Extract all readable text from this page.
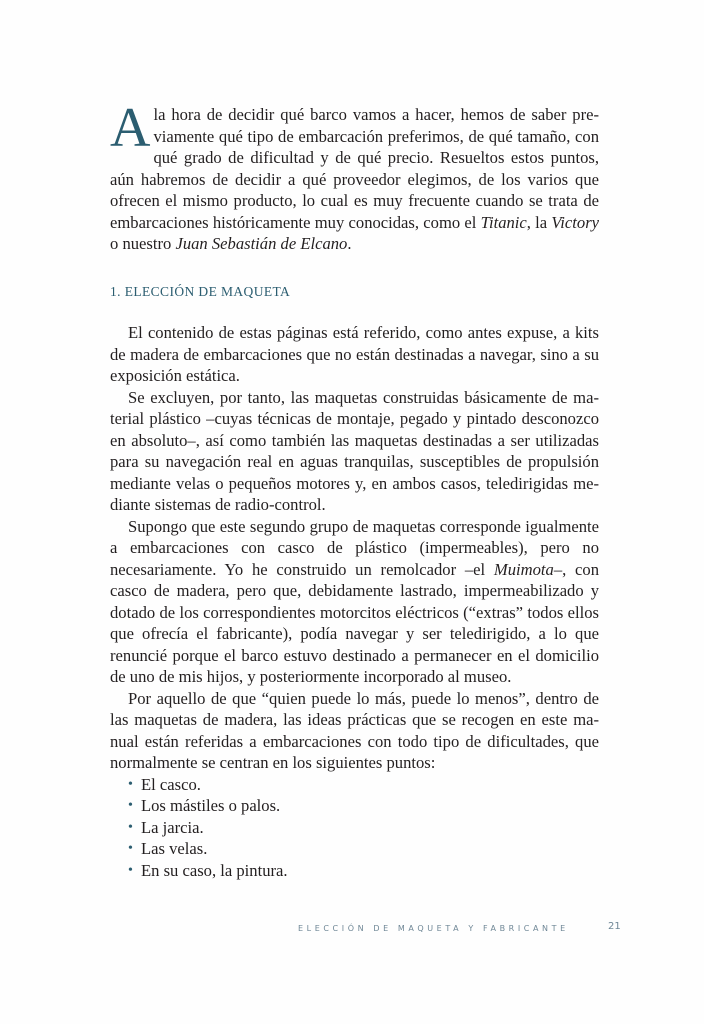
A la hora de decidir qué barco vamos a hacer, hemos de saber previamente qué tipo de embarcación preferimos, de qué tamaño, con qué grado de dificultad y de qué precio. Resueltos estos puntos, aún habremos de decidir a qué proveedor elegimos, de los varios que ofrecen el mismo producto, lo cual es muy frecuente cuando se trata de embarcaciones históricamente muy conocidas, como el Titanic, la Victory o nuestro Juan Sebastián de Elcano.

1. ELECCIÓN DE MAQUETA

El contenido de estas páginas está referido, como antes expuse, a kits de madera de embarcaciones que no están destinadas a navegar, sino a su exposición estática.

Se excluyen, por tanto, las maquetas construidas básicamente de material plástico –cuyas técnicas de montaje, pegado y pintado desconozco en absoluto–, así como también las maquetas destinadas a ser utilizadas para su navegación real en aguas tranquilas, susceptibles de propulsión mediante velas o pequeños motores y, en ambos casos, teledirigidas mediante sistemas de radio-control.

Supongo que este segundo grupo de maquetas corresponde igualmente a embarcaciones con casco de plástico (impermeables), pero no necesariamente. Yo he construido un remolcador –el Muimota–, con casco de madera, pero que, debidamente lastrado, impermeabilizado y dotado de los correspondientes motorcitos eléctricos (“extras” todos ellos que ofrecía el fabricante), podía navegar y ser teledirigido, a lo que renuncié porque el barco estuvo destinado a permanecer en el domicilio de uno de mis hijos, y posteriormente incorporado al museo.

Por aquello de que “quien puede lo más, puede lo menos”, dentro de las maquetas de madera, las ideas prácticas que se recogen en este manual están referidas a embarcaciones con todo tipo de dificultades, que normalmente se centran en los siguientes puntos:

• El casco.
• Los mástiles o palos.
• La jarcia.
• Las velas.
• En su caso, la pintura.
ELECCIÓN DE MAQUETA Y FABRICANTE	21
